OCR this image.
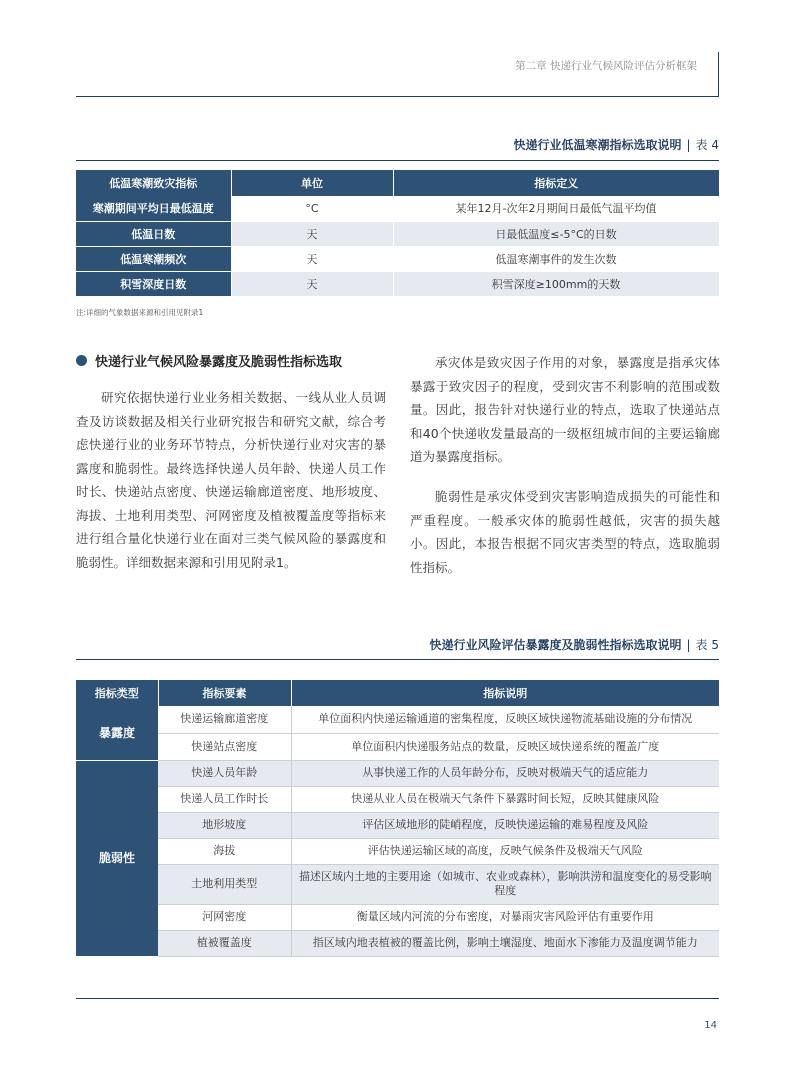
第二章 快递行业气候风险评估分析框架
快递行业低温寒潮指标选取说明 | 表 4
低温寒潮致灾指标	单位	指标定义
寒潮期间平均日最低温度	°C	某年12月-次年2月期间日最低气温平均值
低温日数	天	日最低温度≤-5°C的日数
低温寒潮频次	天	低温寒潮事件的发生次数
积雪深度日数	天	积雪深度≥100mm的天数
注:详细的气象数据来源和引用见附录1
快递行业气候风险暴露度及脆弱性指标选取

研究依据快递行业业务相关数据、一线从业人员调查及访谈数据及相关行业研究报告和研究文献，综合考虑快递行业的业务环节特点，分析快递行业对灾害的暴露度和脆弱性。最终选择快递人员年龄、快递人员工作时长、快递站点密度、快递运输廊道密度、地形坡度、海拔、土地利用类型、河网密度及植被覆盖度等指标来进行组合量化快递行业在面对三类气候风险的暴露度和脆弱性。详细数据来源和引用见附录1。

承灾体是致灾因子作用的对象，暴露度是指承灾体暴露于致灾因子的程度，受到灾害不利影响的范围或数量。因此，报告针对快递行业的特点，选取了快递站点和40个快递收发量最高的一级枢纽城市间的主要运输廊道为暴露度指标。

脆弱性是承灾体受到灾害影响造成损失的可能性和严重程度。一般承灾体的脆弱性越低，灾害的损失越小。因此，本报告根据不同灾害类型的特点，选取脆弱性指标。

快递行业风险评估暴露度及脆弱性指标选取说明 | 表 5
指标类型	指标要素	指标说明
暴露度	快递运输廊道密度	单位面积内快递运输通道的密集程度，反映区域快递物流基础设施的分布情况
	快递站点密度	单位面积内快递服务站点的数量，反映区域快递系统的覆盖广度
脆弱性	快递人员年龄	从事快递工作的人员年龄分布，反映对极端天气的适应能力
	快递人员工作时长	快递从业人员在极端天气条件下暴露时间长短，反映其健康风险
	地形坡度	评估区域地形的陡峭程度，反映快递运输的难易程度及风险
	海拔	评估快递运输区域的高度，反映气候条件及极端天气风险
	土地利用类型	描述区域内土地的主要用途（如城市、农业或森林），影响洪涝和温度变化的易受影响程度
	河网密度	衡量区域内河流的分布密度，对暴雨灾害风险评估有重要作用
	植被覆盖度	指区域内地表植被的覆盖比例，影响土壤湿度、地面水下渗能力及温度调节能力
14
